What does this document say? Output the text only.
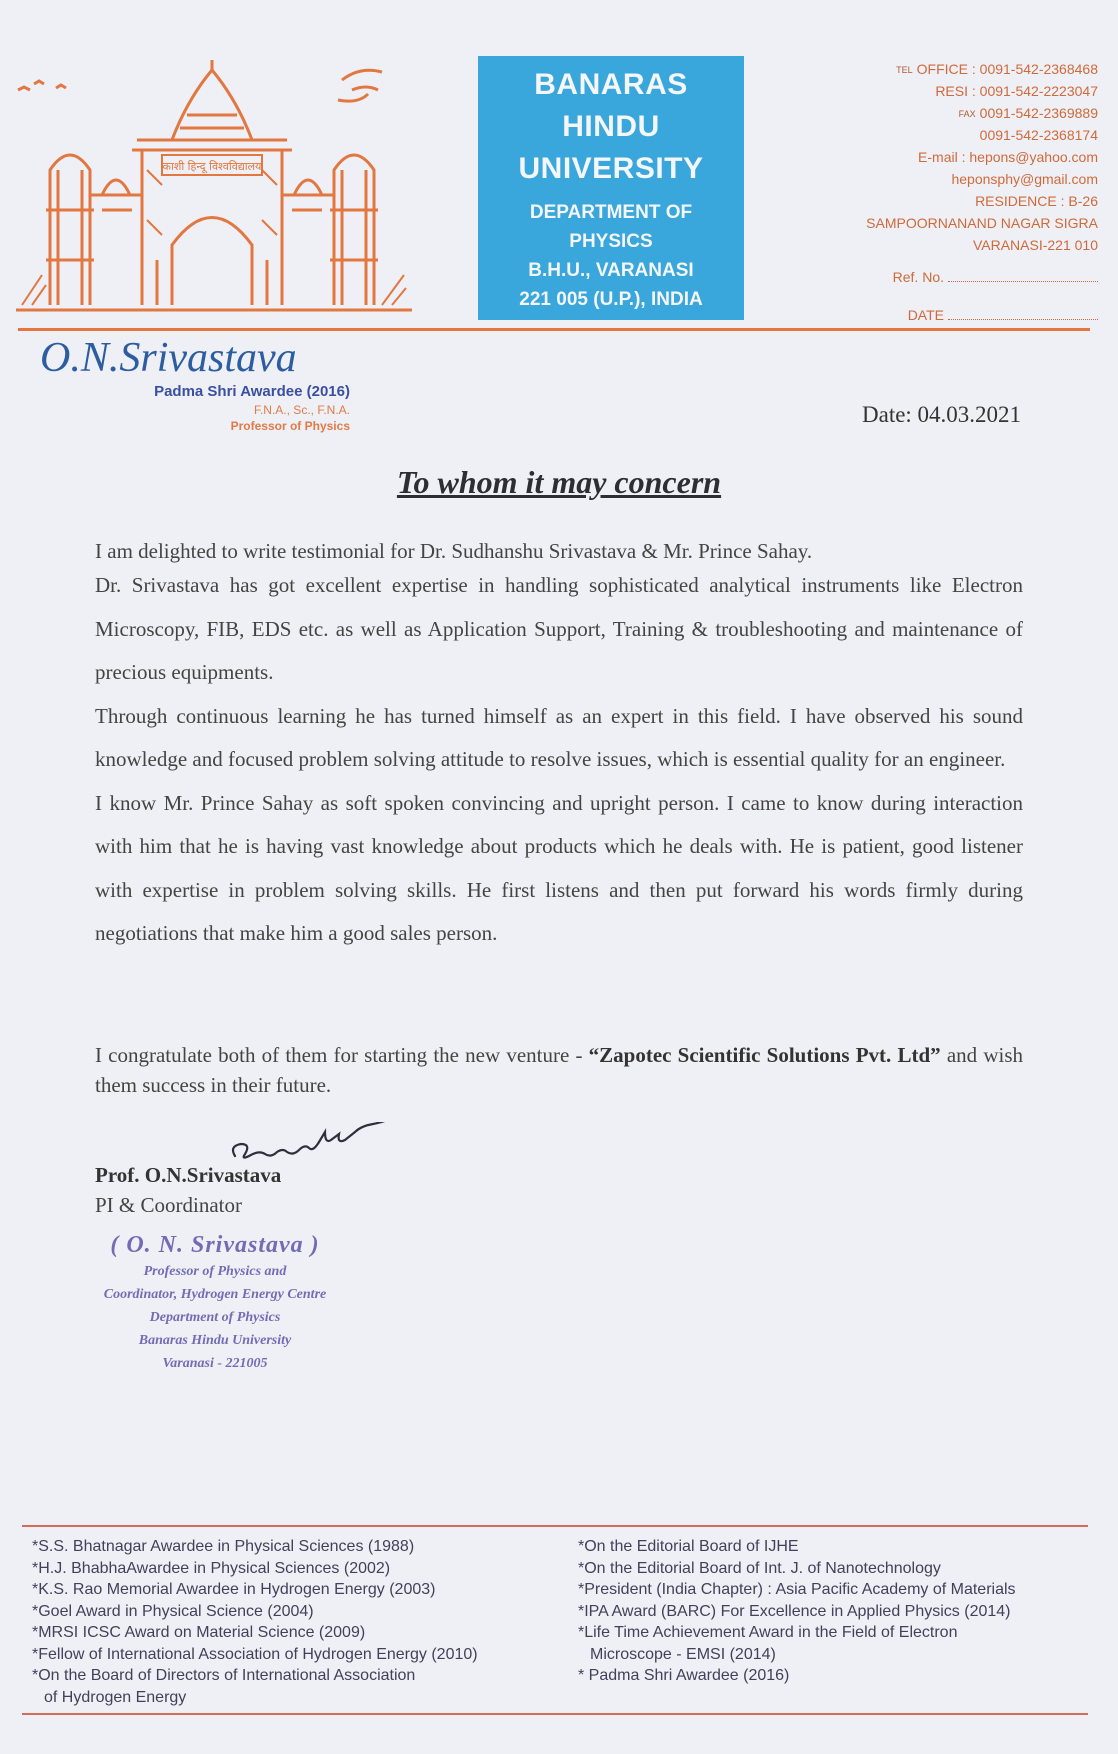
काशी हिन्दू विश्वविद्यालय
BANARAS
HINDU
UNIVERSITY
DEPARTMENT OF
PHYSICS
B.H.U., VARANASI
221 005 (U.P.), INDIA
TEL OFFICE : 0091-542-2368468
RESI : 0091-542-2223047
FAX 0091-542-2369889
0091-542-2368174
E-mail : hepons@yahoo.com
heponsphy@gmail.com
RESIDENCE : B-26
SAMPOORNANAND NAGAR SIGRA
VARANASI-221 010
Ref. No.
DATE
O.N.Srivastava
Padma Shri Awardee (2016)
F.N.A., Sc., F.N.A.
Professor of Physics	Date: 04.03.2021
To whom it may concern

I am delighted to write testimonial for Dr. Sudhanshu Srivastava & Mr. Prince Sahay.

Dr. Srivastava has got excellent expertise in handling sophisticated analytical instruments like Electron Microscopy, FIB, EDS etc. as well as Application Support, Training & troubleshooting and maintenance of precious equipments.

Through continuous learning he has turned himself as an expert in this field. I have observed his sound knowledge and focused problem solving attitude to resolve issues, which is essential quality for an engineer.

I know Mr. Prince Sahay as soft spoken convincing and upright person. I came to know during interaction with him that he is having vast knowledge about products which he deals with. He is patient, good listener with expertise in problem solving skills. He first listens and then put forward his words firmly during negotiations that make him a good sales person.

I congratulate both of them for starting the new venture - “Zapotec Scientific Solutions Pvt. Ltd” and wish them success in their future.
Prof. O.N.Srivastava
PI & Coordinator
( O. N. Srivastava )
Professor of Physics and
Coordinator, Hydrogen Energy Centre
Department of Physics
Banaras Hindu University
Varanasi - 221005
*S.S. Bhatnagar Awardee in Physical Sciences (1988)
*H.J. BhabhaAwardee in Physical Sciences (2002)
*K.S. Rao Memorial Awardee in Hydrogen Energy (2003)
*Goel Award in Physical Science (2004)
*MRSI ICSC Award on Material Science (2009)
*Fellow of International Association of Hydrogen Energy (2010)
*On the Board of Directors of International Association
of Hydrogen Energy
*On the Editorial Board of IJHE
*On the Editorial Board of Int. J. of Nanotechnology
*President (India Chapter) : Asia Pacific Academy of Materials
*IPA Award (BARC) For Excellence in Applied Physics (2014)
*Life Time Achievement Award in the Field of Electron
Microscope - EMSI (2014)
* Padma Shri Awardee (2016)
